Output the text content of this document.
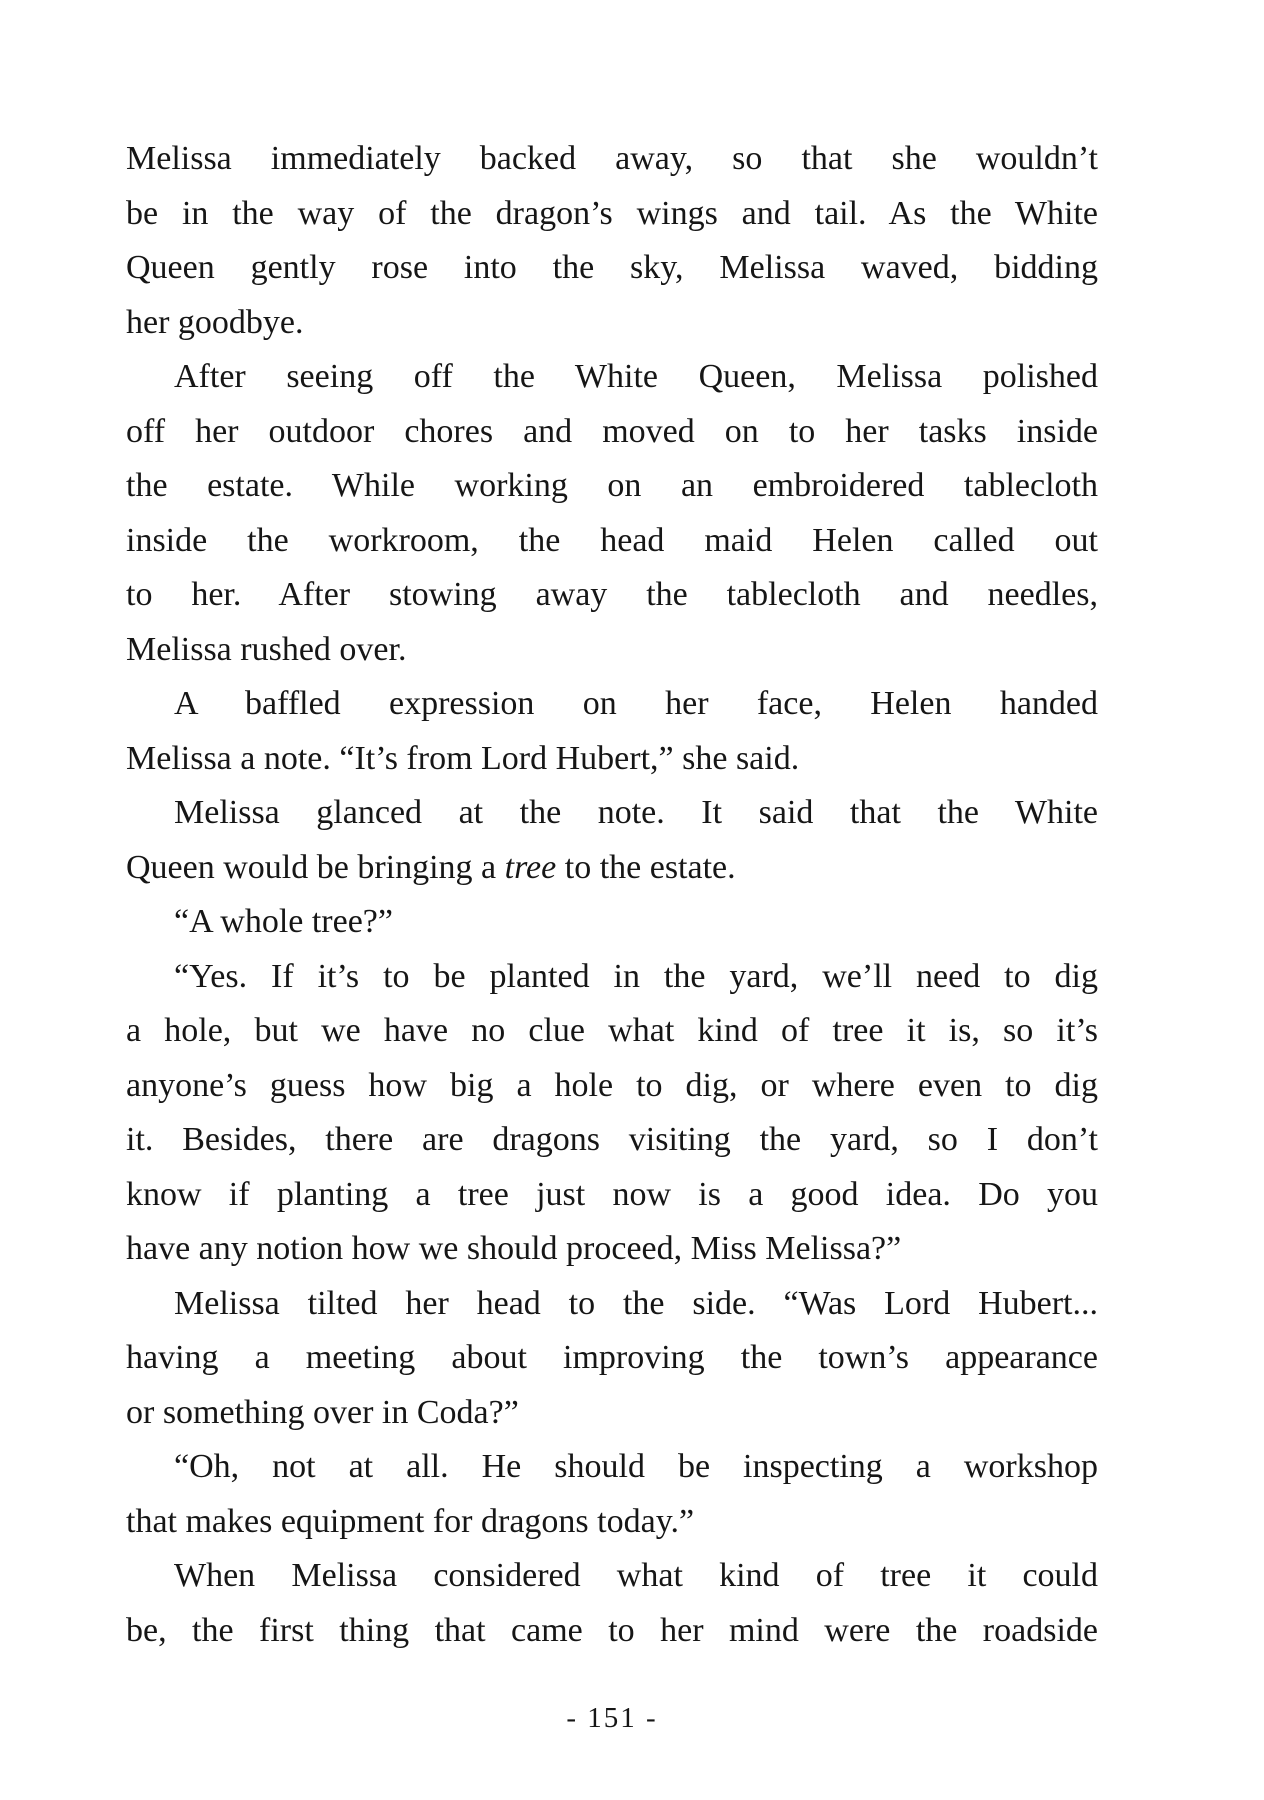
Melissa immediately backed away, so that she wouldn’t
be in the way of the dragon’s wings and tail. As the White
Queen gently rose into the sky, Melissa waved, bidding
her goodbye.
After seeing off the White Queen, Melissa polished
off her outdoor chores and moved on to her tasks inside
the estate. While working on an embroidered tablecloth
inside the workroom, the head maid Helen called out
to her. After stowing away the tablecloth and needles,
Melissa rushed over.
A baffled expression on her face, Helen handed
Melissa a note. “It’s from Lord Hubert,” she said.
Melissa glanced at the note. It said that the White
Queen would be bringing a tree to the estate.
“A whole tree?”
“Yes. If it’s to be planted in the yard, we’ll need to dig
a hole, but we have no clue what kind of tree it is, so it’s
anyone’s guess how big a hole to dig, or where even to dig
it. Besides, there are dragons visiting the yard, so I don’t
know if planting a tree just now is a good idea. Do you
have any notion how we should proceed, Miss Melissa?”
Melissa tilted her head to the side. “Was Lord Hubert...
having a meeting about improving the town’s appearance
or something over in Coda?”
“Oh, not at all. He should be inspecting a workshop
that makes equipment for dragons today.”
When Melissa considered what kind of tree it could
be, the first thing that came to her mind were the roadside
- 151 -
